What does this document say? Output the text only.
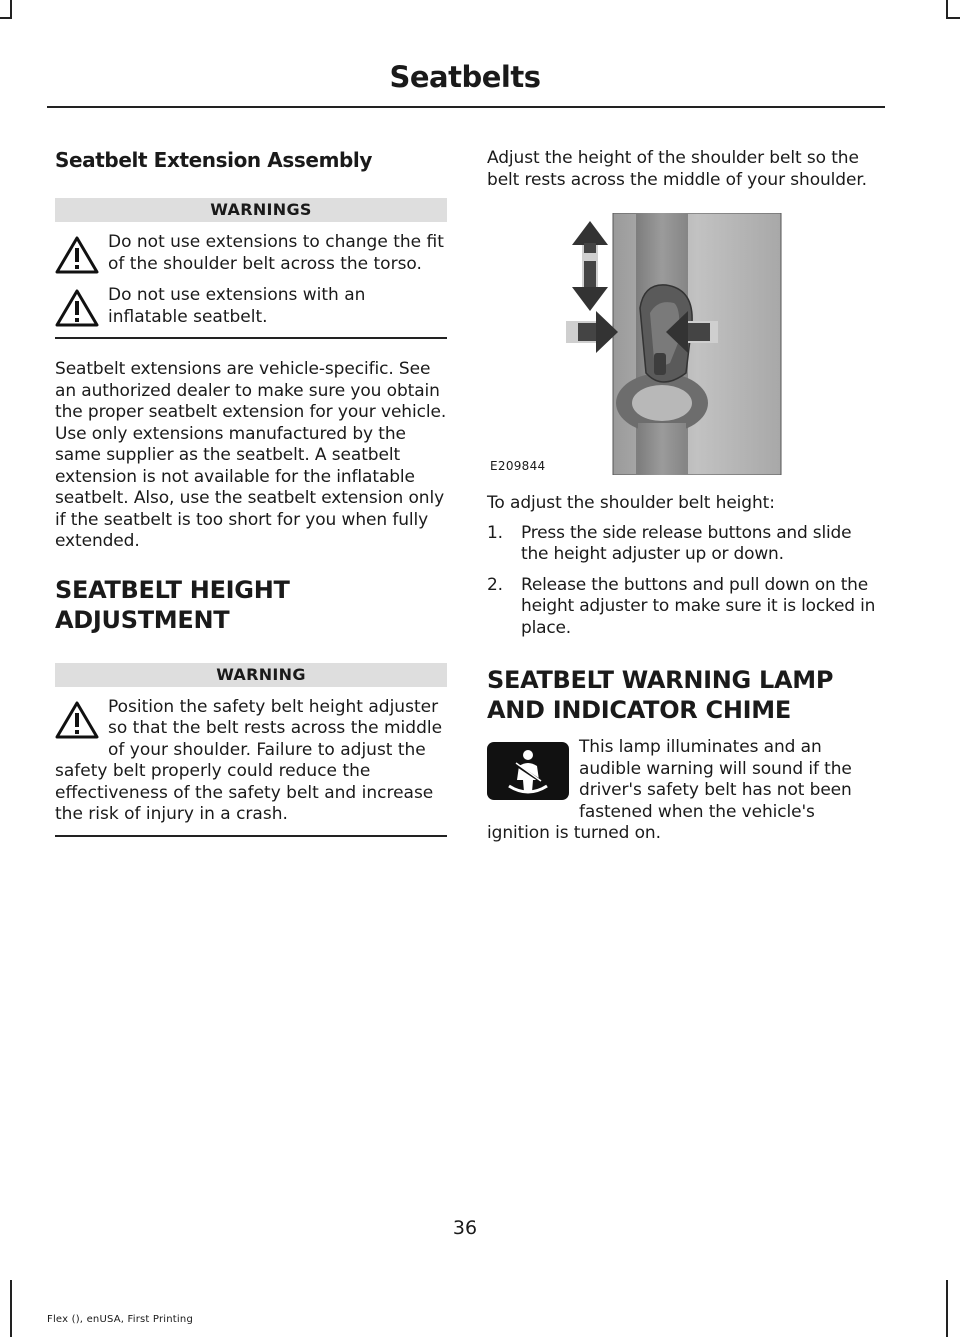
Seatbelts
Seatbelt Extension Assembly
WARNINGS
Do not use extensions to change the fit of the shoulder belt across the torso.
Do not use extensions with an inflatable seatbelt.

Seatbelt extensions are vehicle-specific. See an authorized dealer to make sure you obtain the proper seatbelt extension for your vehicle. Use only extensions manufactured by the same supplier as the seatbelt. A seatbelt extension is not available for the inflatable seatbelt. Also, use the seatbelt extension only if the seatbelt is too short for you when fully extended.

SEATBELT HEIGHT
ADJUSTMENT
WARNING
Position the safety belt height adjuster so that the belt rests across the middle of your shoulder. Failure to adjust the safety belt properly could reduce the effectiveness of the safety belt and increase the risk of injury in a crash.

Adjust the height of the shoulder belt so the belt rests across the middle of your shoulder.

E209844

To adjust the shoulder belt height:

1. Press the side release buttons and slide the height adjuster up or down.
2. Release the buttons and pull down on the height adjuster to make sure it is locked in place.
SEATBELT WARNING LAMP
AND INDICATOR CHIME

This lamp illuminates and an audible warning will sound if the driver's safety belt has not been fastened when the vehicle's ignition is turned on.

36
Flex (), enUSA, First Printing
